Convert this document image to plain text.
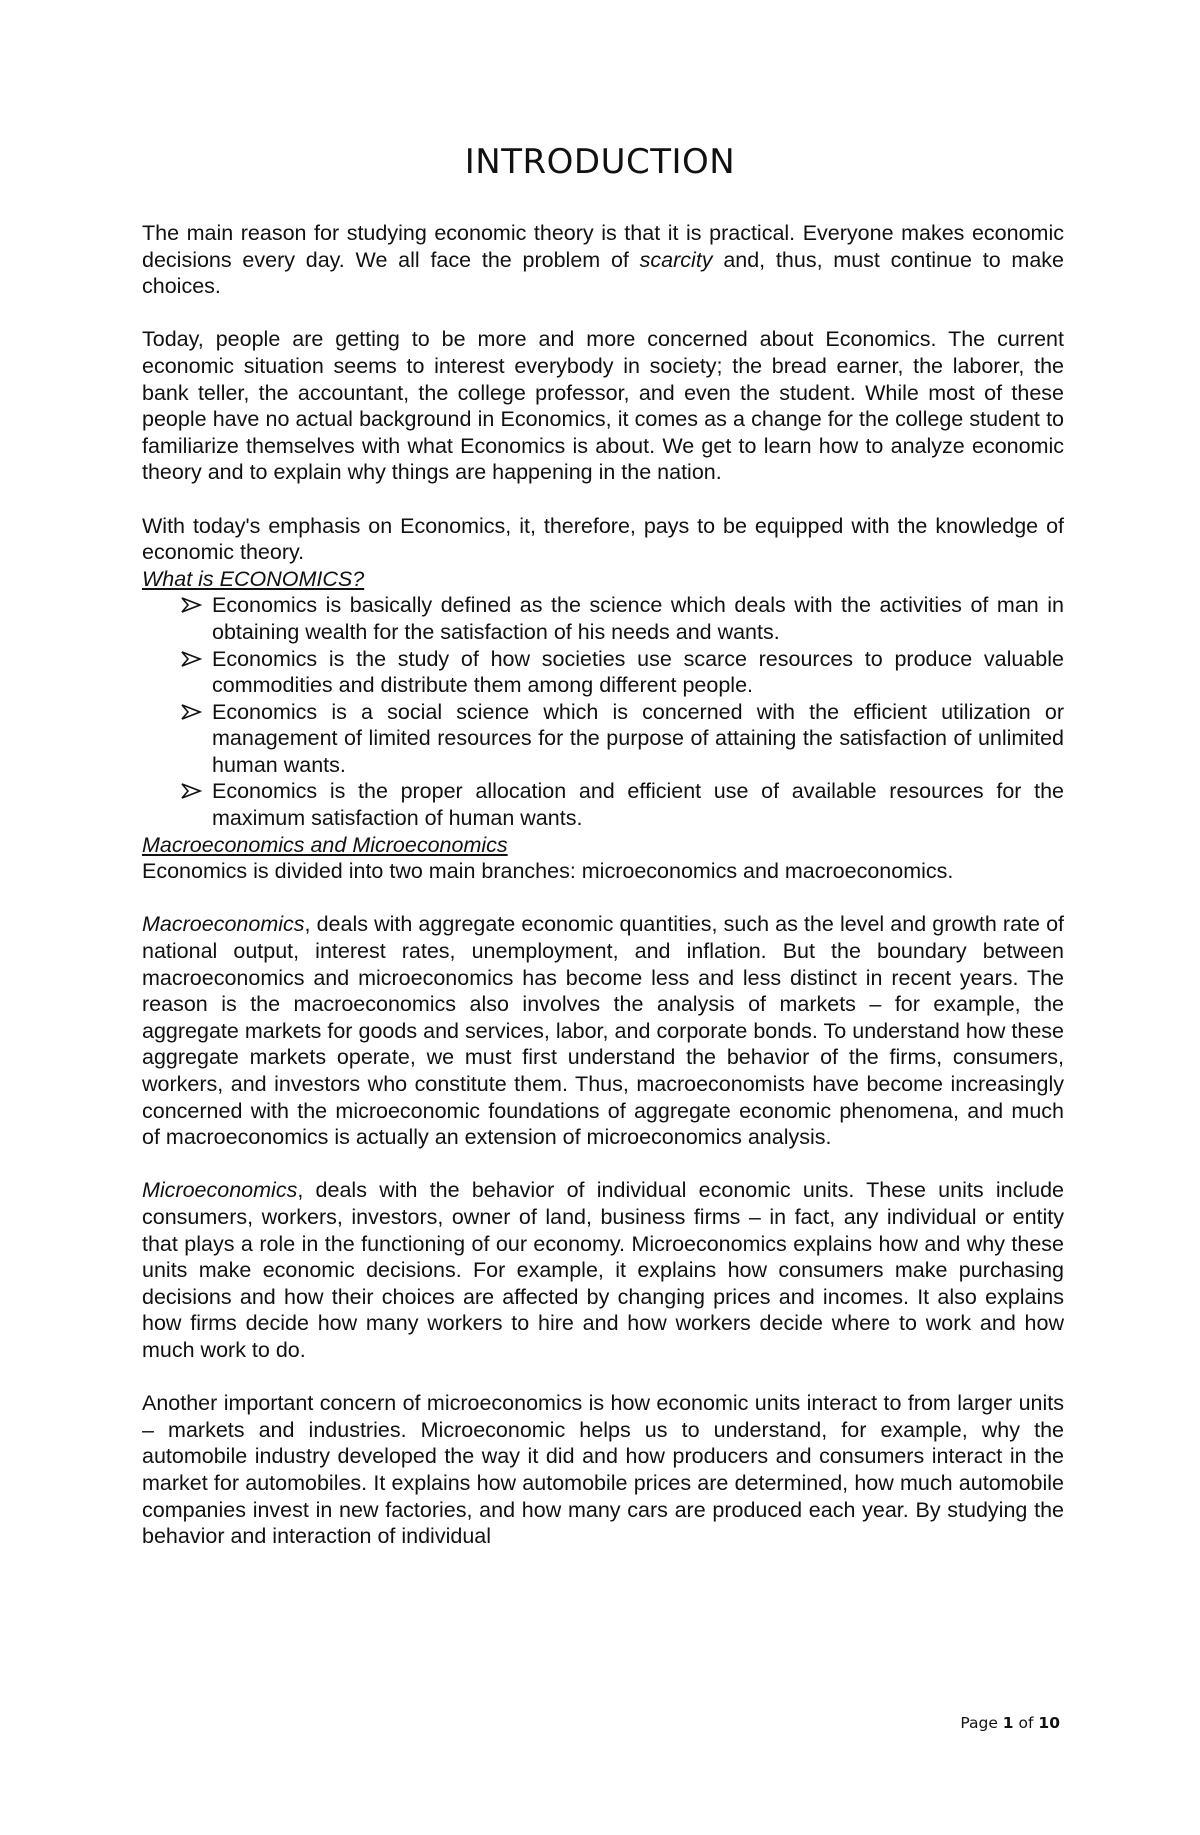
INTRODUCTION

The main reason for studying economic theory is that it is practical. Everyone makes economic decisions every day. We all face the problem of scarcity and, thus, must continue to make choices.

Today, people are getting to be more and more concerned about Economics. The current economic situation seems to interest everybody in society; the bread earner, the laborer, the bank teller, the accountant, the college professor, and even the student. While most of these people have no actual background in Economics, it comes as a change for the college student to familiarize themselves with what Economics is about. We get to learn how to analyze economic theory and to explain why things are happening in the nation.

With today's emphasis on Economics, it, therefore, pays to be equipped with the knowledge of economic theory.

What is ECONOMICS?

Economics is basically defined as the science which deals with the activities of man in obtaining wealth for the satisfaction of his needs and wants.
Economics is the study of how societies use scarce resources to produce valuable commodities and distribute them among different people.
Economics is a social science which is concerned with the efficient utilization or management of limited resources for the purpose of attaining the satisfaction of unlimited human wants.
Economics is the proper allocation and efficient use of available resources for the maximum satisfaction of human wants.

Macroeconomics and Microeconomics

Economics is divided into two main branches: microeconomics and macroeconomics.

Macroeconomics, deals with aggregate economic quantities, such as the level and growth rate of national output, interest rates, unemployment, and inflation. But the boundary between macroeconomics and microeconomics has become less and less distinct in recent years. The reason is the macroeconomics also involves the analysis of markets – for example, the aggregate markets for goods and services, labor, and corporate bonds. To understand how these aggregate markets operate, we must first understand the behavior of the firms, consumers, workers, and investors who constitute them. Thus, macroeconomists have become increasingly concerned with the microeconomic foundations of aggregate economic phenomena, and much of macroeconomics is actually an extension of microeconomics analysis.

Microeconomics, deals with the behavior of individual economic units. These units include consumers, workers, investors, owner of land, business firms – in fact, any individual or entity that plays a role in the functioning of our economy. Microeconomics explains how and why these units make economic decisions. For example, it explains how consumers make purchasing decisions and how their choices are affected by changing prices and incomes. It also explains how firms decide how many workers to hire and how workers decide where to work and how much work to do.

Another important concern of microeconomics is how economic units interact to from larger units – markets and industries. Microeconomic helps us to understand, for example, why the automobile industry developed the way it did and how producers and consumers interact in the market for automobiles. It explains how automobile prices are determined, how much automobile companies invest in new factories, and how many cars are produced each year. By studying the behavior and interaction of individual

Page 1 of 10
